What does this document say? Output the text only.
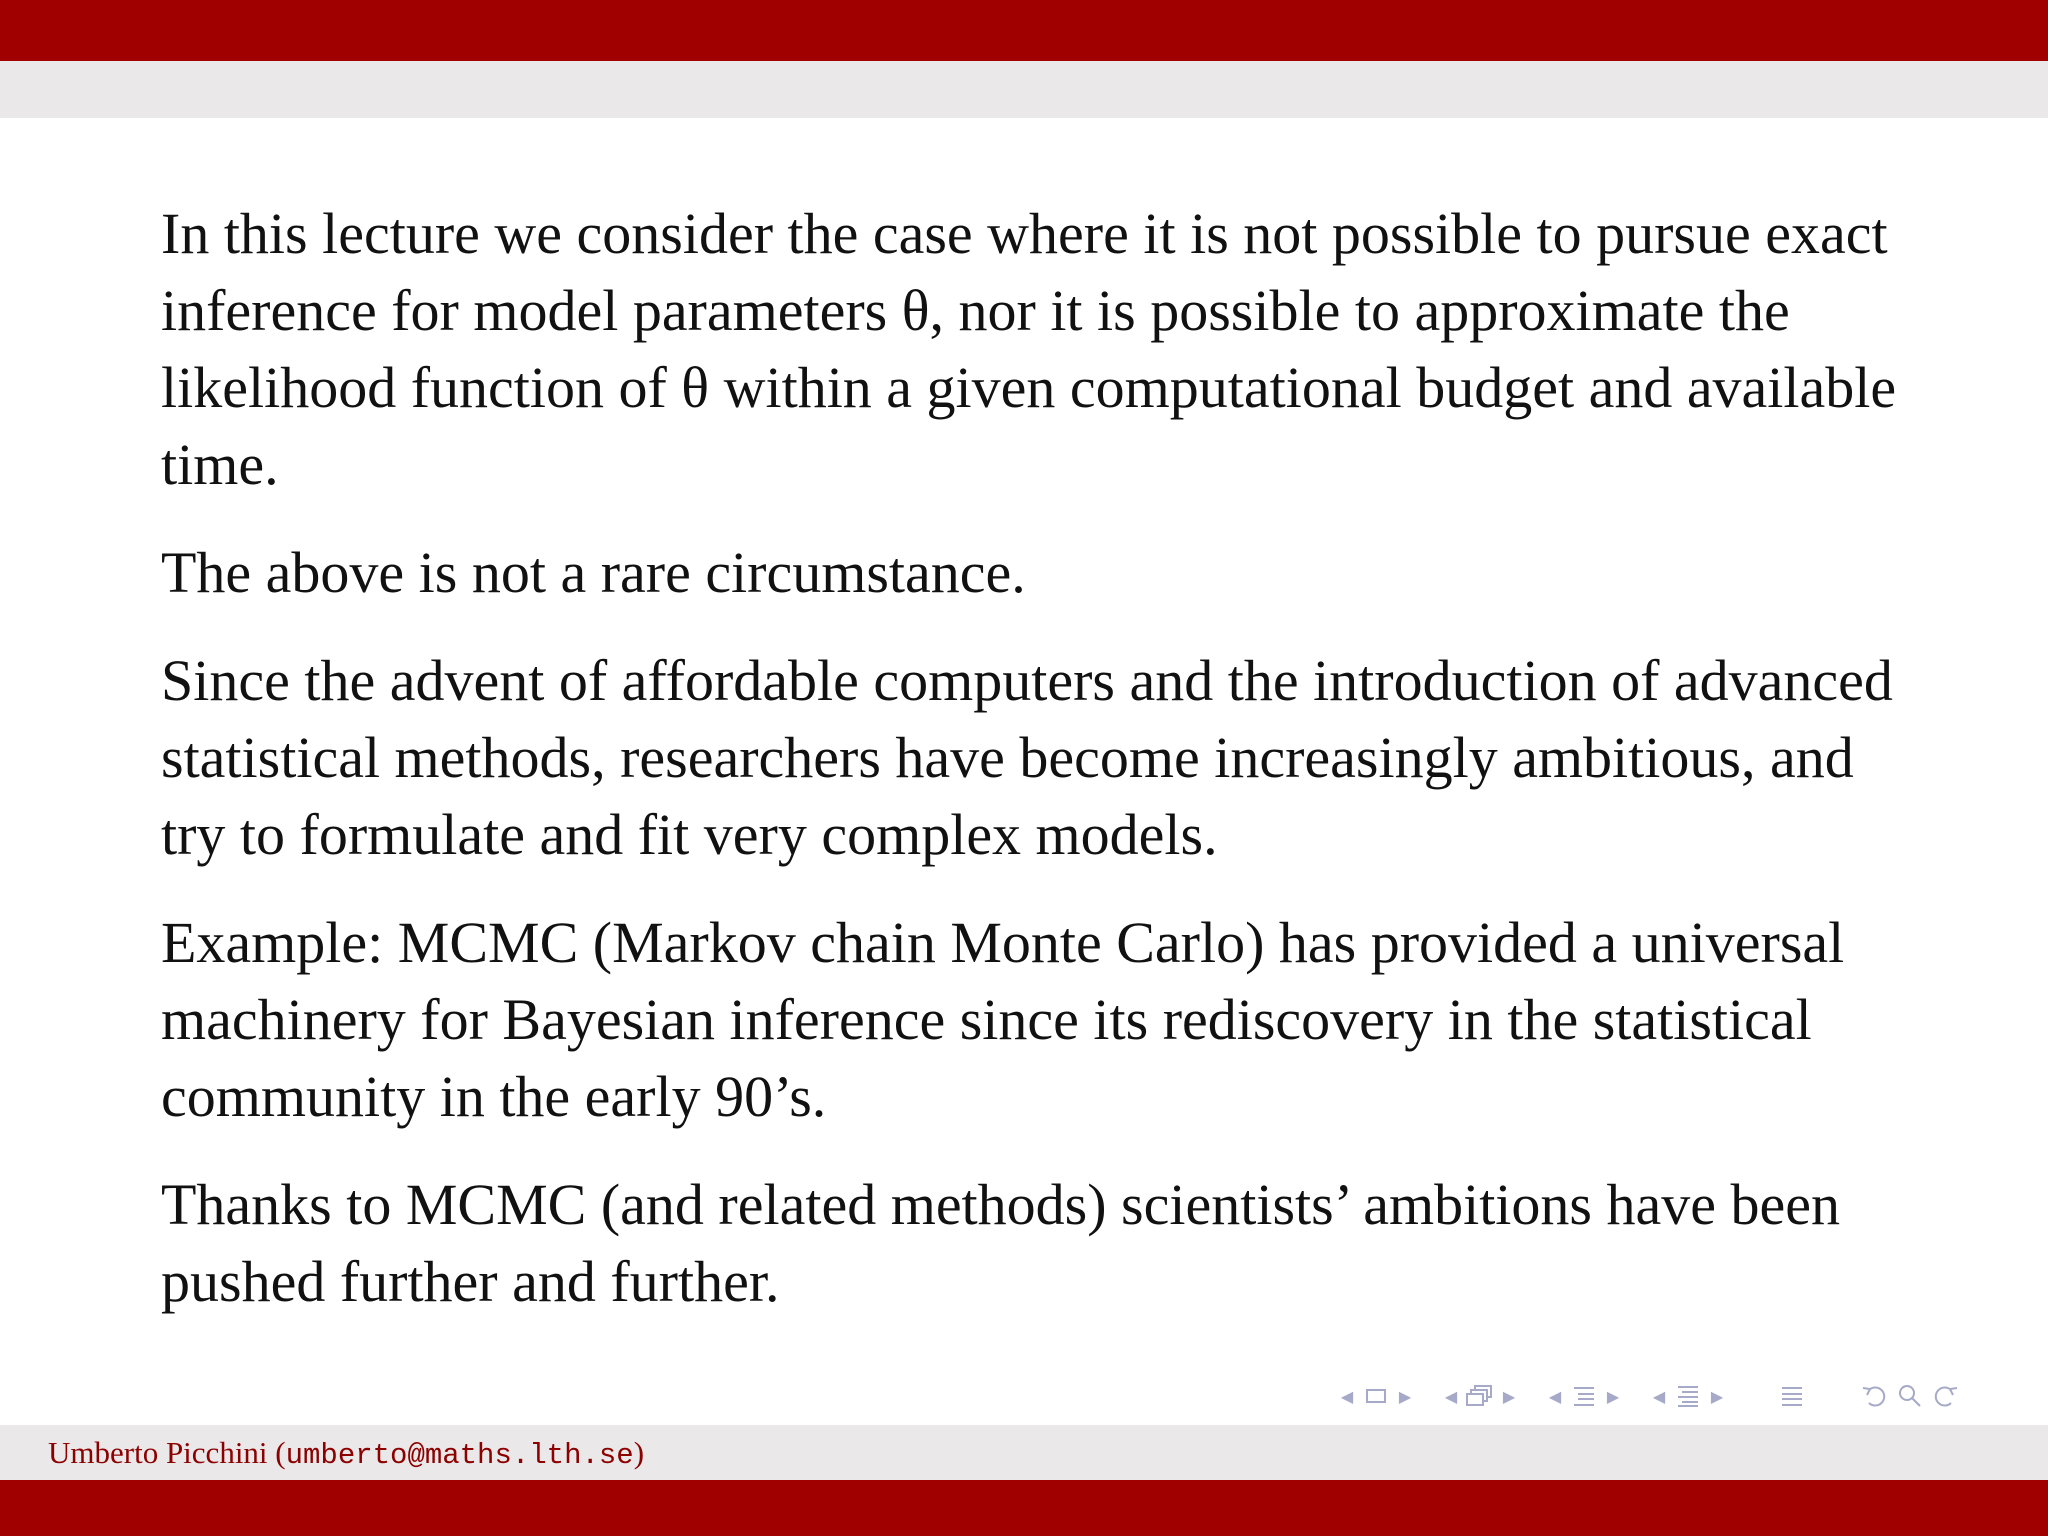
In this lecture we consider the case where it is not possible to pursue exact inference for model parameters θ, nor it is possible to approximate the likelihood function of θ within a given computational budget and available time.

The above is not a rare circumstance.

Since the advent of affordable computers and the introduction of advanced statistical methods, researchers have become increasingly ambitious, and try to formulate and fit very complex models.

Example: MCMC (Markov chain Monte Carlo) has provided a universal machinery for Bayesian inference since its rediscovery in the statistical community in the early 90’s.

Thanks to MCMC (and related methods) scientists’ ambitions have been pushed further and further.

◀	▶	◀	▶	◀	▶	◀	▶
Umberto Picchini (umberto@maths.lth.se)
